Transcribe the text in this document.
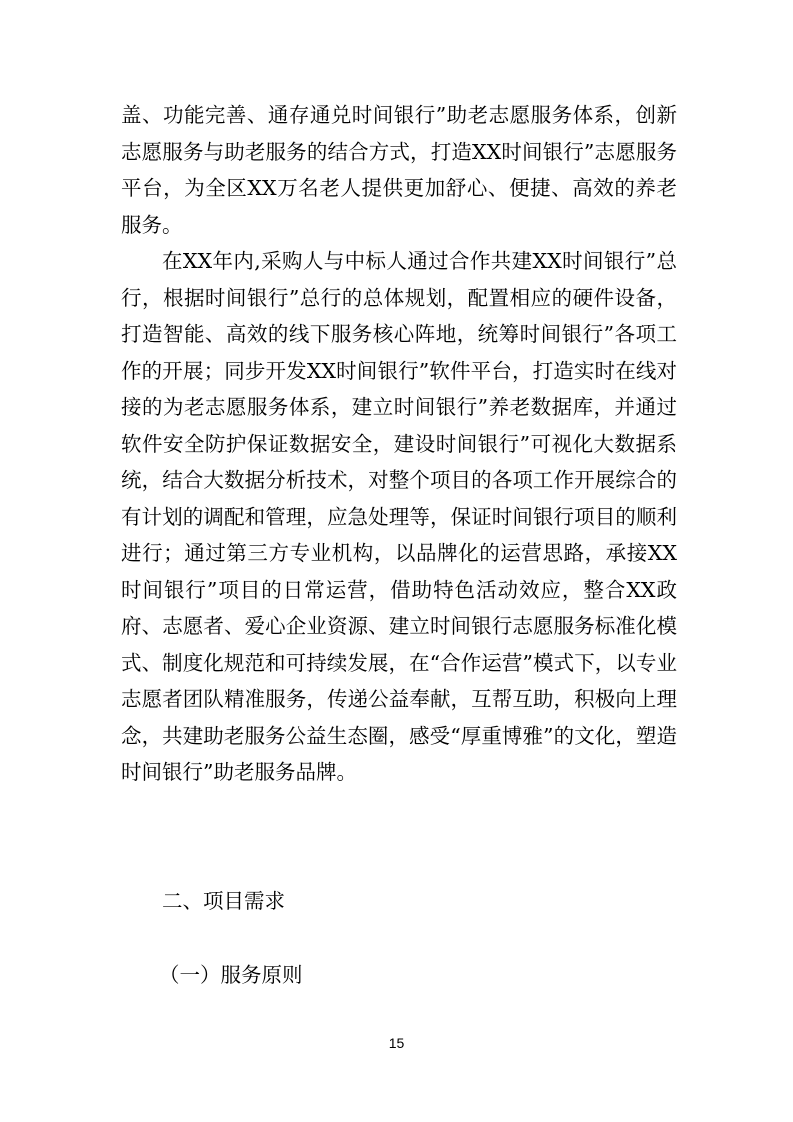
盖、功能完善、通存通兑时间银行”助老志愿服务体系，创新志愿服务与助老服务的结合方式，打造XX时间银行”志愿服务平台，为全区XX万名老人提供更加舒心、便捷、高效的养老服务。

在XX年内,采购人与中标人通过合作共建XX时间银行”总行，根据时间银行”总行的总体规划，配置相应的硬件设备，打造智能、高效的线下服务核心阵地，统筹时间银行”各项工作的开展；同步开发XX时间银行”软件平台，打造实时在线对接的为老志愿服务体系，建立时间银行”养老数据库，并通过软件安全防护保证数据安全，建设时间银行”可视化大数据系统，结合大数据分析技术，对整个项目的各项工作开展综合的有计划的调配和管理，应急处理等，保证时间银行项目的顺利进行；通过第三方专业机构，以品牌化的运营思路，承接XX时间银行”项目的日常运营，借助特色活动效应，整合XX政府、志愿者、爱心企业资源、建立时间银行志愿服务标准化模式、制度化规范和可持续发展，在“合作运营”模式下，以专业志愿者团队精准服务，传递公益奉献，互帮互助，积极向上理念，共建助老服务公益生态圈，感受“厚重博雅”的文化，塑造时间银行”助老服务品牌。

二、项目需求

（一）服务原则

15
